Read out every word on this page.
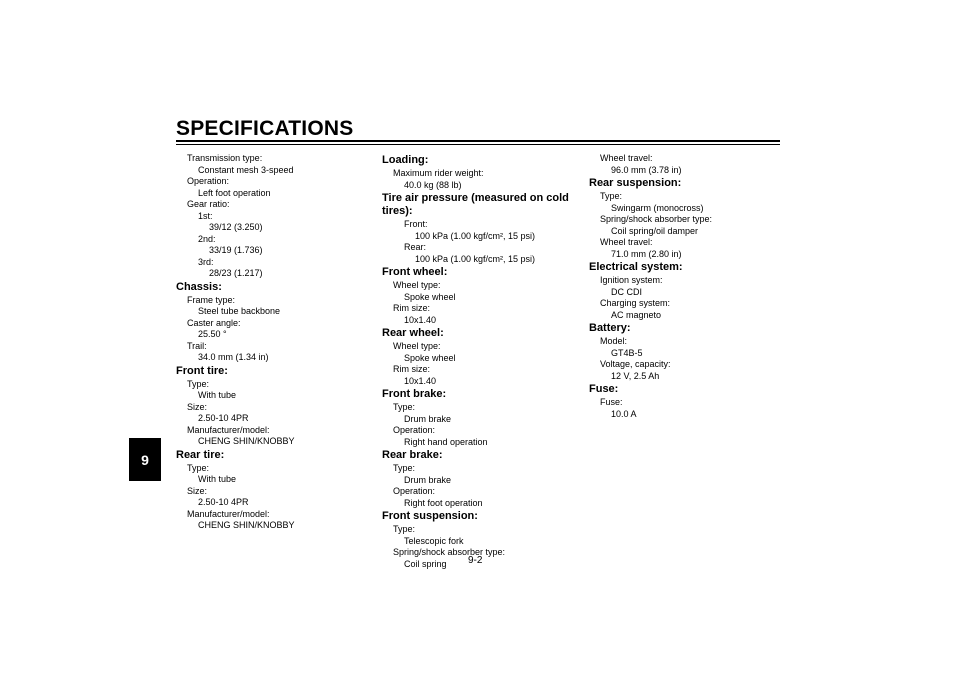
SPECIFICATIONS
9
Transmission type:
Constant mesh 3-speed
Operation:
Left foot operation
Gear ratio:
1st:
39/12 (3.250)
2nd:
33/19 (1.736)
3rd:
28/23 (1.217)
Chassis:
Frame type:
Steel tube backbone
Caster angle:
25.50 °
Trail:
34.0 mm (1.34 in)
Front tire:
Type:
With tube
Size:
2.50-10 4PR
Manufacturer/model:
CHENG SHIN/KNOBBY
Rear tire:
Type:
With tube
Size:
2.50-10 4PR
Manufacturer/model:
CHENG SHIN/KNOBBY
Loading:
Maximum rider weight:
40.0 kg (88 lb)
Tire air pressure (measured on cold tires):
Front:
100 kPa (1.00 kgf/cm², 15 psi)
Rear:
100 kPa (1.00 kgf/cm², 15 psi)
Front wheel:
Wheel type:
Spoke wheel
Rim size:
10x1.40
Rear wheel:
Wheel type:
Spoke wheel
Rim size:
10x1.40
Front brake:
Type:
Drum brake
Operation:
Right hand operation
Rear brake:
Type:
Drum brake
Operation:
Right foot operation
Front suspension:
Type:
Telescopic fork
Spring/shock absorber type:
Coil spring
Wheel travel:
96.0 mm (3.78 in)
Rear suspension:
Type:
Swingarm (monocross)
Spring/shock absorber type:
Coil spring/oil damper
Wheel travel:
71.0 mm (2.80 in)
Electrical system:
Ignition system:
DC CDI
Charging system:
AC magneto
Battery:
Model:
GT4B-5
Voltage, capacity:
12 V, 2.5 Ah
Fuse:
Fuse:
10.0 A
9-2
